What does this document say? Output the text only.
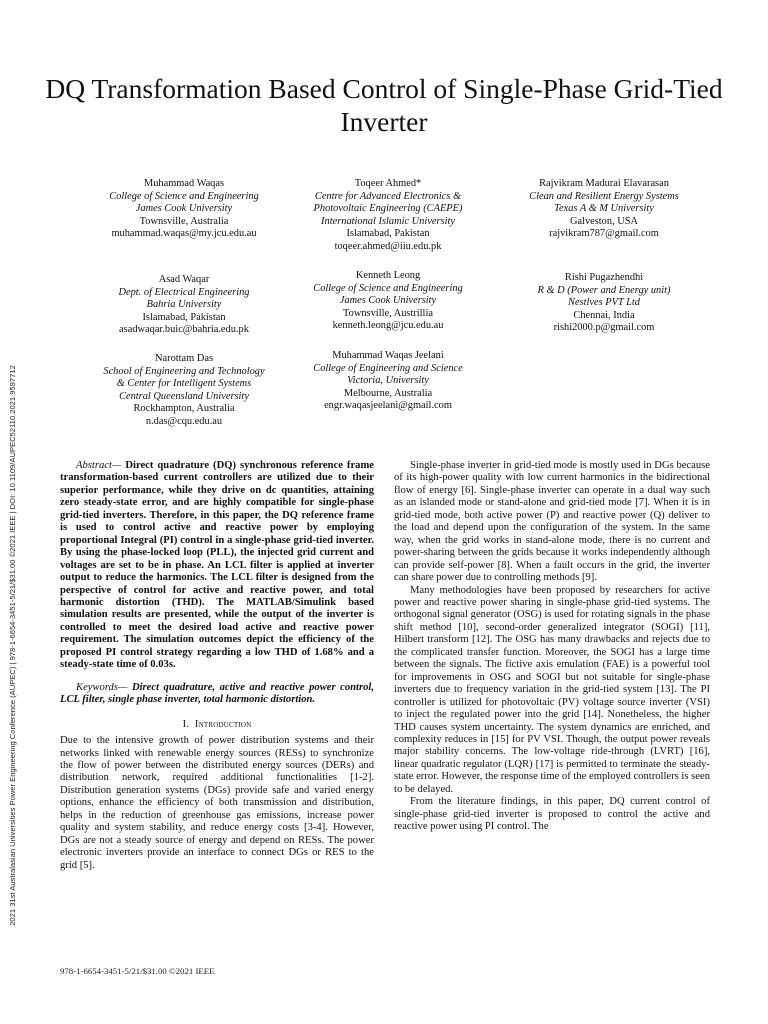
2021 31st Australasian Universities Power Engineering Conference (AUPEC) | 978-1-6654-3451-5/21/$31.00 ©2021 IEEE | DOI: 10.1109/AUPEC52110.2021.9597712
DQ Transformation Based Control of Single-Phase Grid-Tied Inverter
Muhammad Waqas
College of Science and Engineering
James Cook University
Townsville, Australia
muhammad.waqas@my.jcu.edu.au
Toqeer Ahmed*
Centre for Advanced Electronics &
Photovoltaic Engineering (CAEPE)
International Islamic University
Islamabad, Pakistan
toqeer.ahmed@iiu.edu.pk
Rajvikram Madurai Elavarasan
Clean and Resilient Energy Systems
Texas A & M University
Galveston, USA
rajvikram787@gmail.com
Asad Waqar
Dept. of Electrical Engineering
Bahria University
Islamabad, Pakistan
asadwaqar.buic@bahria.edu.pk
Kenneth Leong
College of Science and Engineering
James Cook University
Townsville, Austrillia
kenneth.leong@jcu.edu.au
Rishi Pugazhendhi
R & D (Power and Energy unit)
Nestlves PVT Ltd
Chennai, India
rishi2000.p@gmail.com
Narottam Das
School of Engineering and Technology
& Center for Intelligent Systems
Central Queensland University
Rockhampton, Australia
n.das@cqu.edu.au
Muhammad Waqas Jeelani
College of Engineering and Science
Victoria, University
Melbourne, Australia
engr.waqasjeelani@gmail.com

Abstract— Direct quadrature (DQ) synchronous reference frame transformation-based current controllers are utilized due to their superior performance, while they drive on dc quantities, attaining zero steady-state error, and are highly compatible for single-phase grid-tied inverters. Therefore, in this paper, the DQ reference frame is used to control active and reactive power by employing proportional Integral (PI) control in a single-phase grid-tied inverter. By using the phase-locked loop (PLL), the injected grid current and voltages are set to be in phase. An LCL filter is applied at inverter output to reduce the harmonics. The LCL filter is designed from the perspective of control for active and reactive power, and total harmonic distortion (THD). The MATLAB/Simulink based simulation results are presented, while the output of the inverter is controlled to meet the desired load active and reactive power requirement. The simulation outcomes depict the efficiency of the proposed PI control strategy regarding a low THD of 1.68% and a steady-state time of 0.03s.

Keywords— Direct quadrature, active and reactive power control, LCL filter, single phase inverter, total harmonic distortion.

I. Introduction

Due to the intensive growth of power distribution systems and their networks linked with renewable energy sources (RESs) to synchronize the flow of power between the distributed energy sources (DERs) and distribution network, required additional functionalities [1-2]. Distribution generation systems (DGs) provide safe and varied energy options, enhance the efficiency of both transmission and distribution, helps in the reduction of greenhouse gas emissions, increase power quality and system stability, and reduce energy costs [3-4]. However, DGs are not a steady source of energy and depend on RESs. The power electronic inverters provide an interface to connect DGs or RES to the grid [5].

Single-phase inverter in grid-tied mode is mostly used in DGs because of its high-power quality with low current harmonics in the bidirectional flow of energy [6]. Single-phase inverter can operate in a dual way such as an islanded mode or stand-alone and grid-tied mode [7]. When it is in grid-tied mode, both active power (P) and reactive power (Q) deliver to the load and depend upon the configuration of the system. In the same way, when the grid works in stand-alone mode, there is no current and power-sharing between the grids because it works independently although can provide self-power [8]. When a fault occurs in the grid, the inverter can share power due to controlling methods [9].

Many methodologies have been proposed by researchers for active power and reactive power sharing in single-phase grid-tied systems. The orthogonal signal generator (OSG) is used for rotating signals in the phase shift method [10], second-order generalized integrator (SOGI) [11], Hilbert transform [12]. The OSG has many drawbacks and rejects due to the complicated transfer function. Moreover, the SOGI has a large time between the signals. The fictive axis emulation (FAE) is a powerful tool for improvements in OSG and SOGI but not suitable for single-phase inverters due to frequency variation in the grid-tied system [13]. The PI controller is utilized for photovoltaic (PV) voltage source inverter (VSI) to inject the regulated power into the grid [14]. Nonetheless, the higher THD causes system uncertainty. The system dynamics are enriched, and complexity reduces in [15] for PV VSI. Though, the output power reveals major stability concerns. The low-voltage ride-through (LVRT) [16], linear quadratic regulator (LQR) [17] is permitted to terminate the steady-state error. However, the response time of the employed controllers is seen to be delayed.

From the literature findings, in this paper, DQ current control of single-phase grid-tied inverter is proposed to control the active and reactive power using PI control. The

978-1-6654-3451-5/21/$31.00 ©2021 IEEE
